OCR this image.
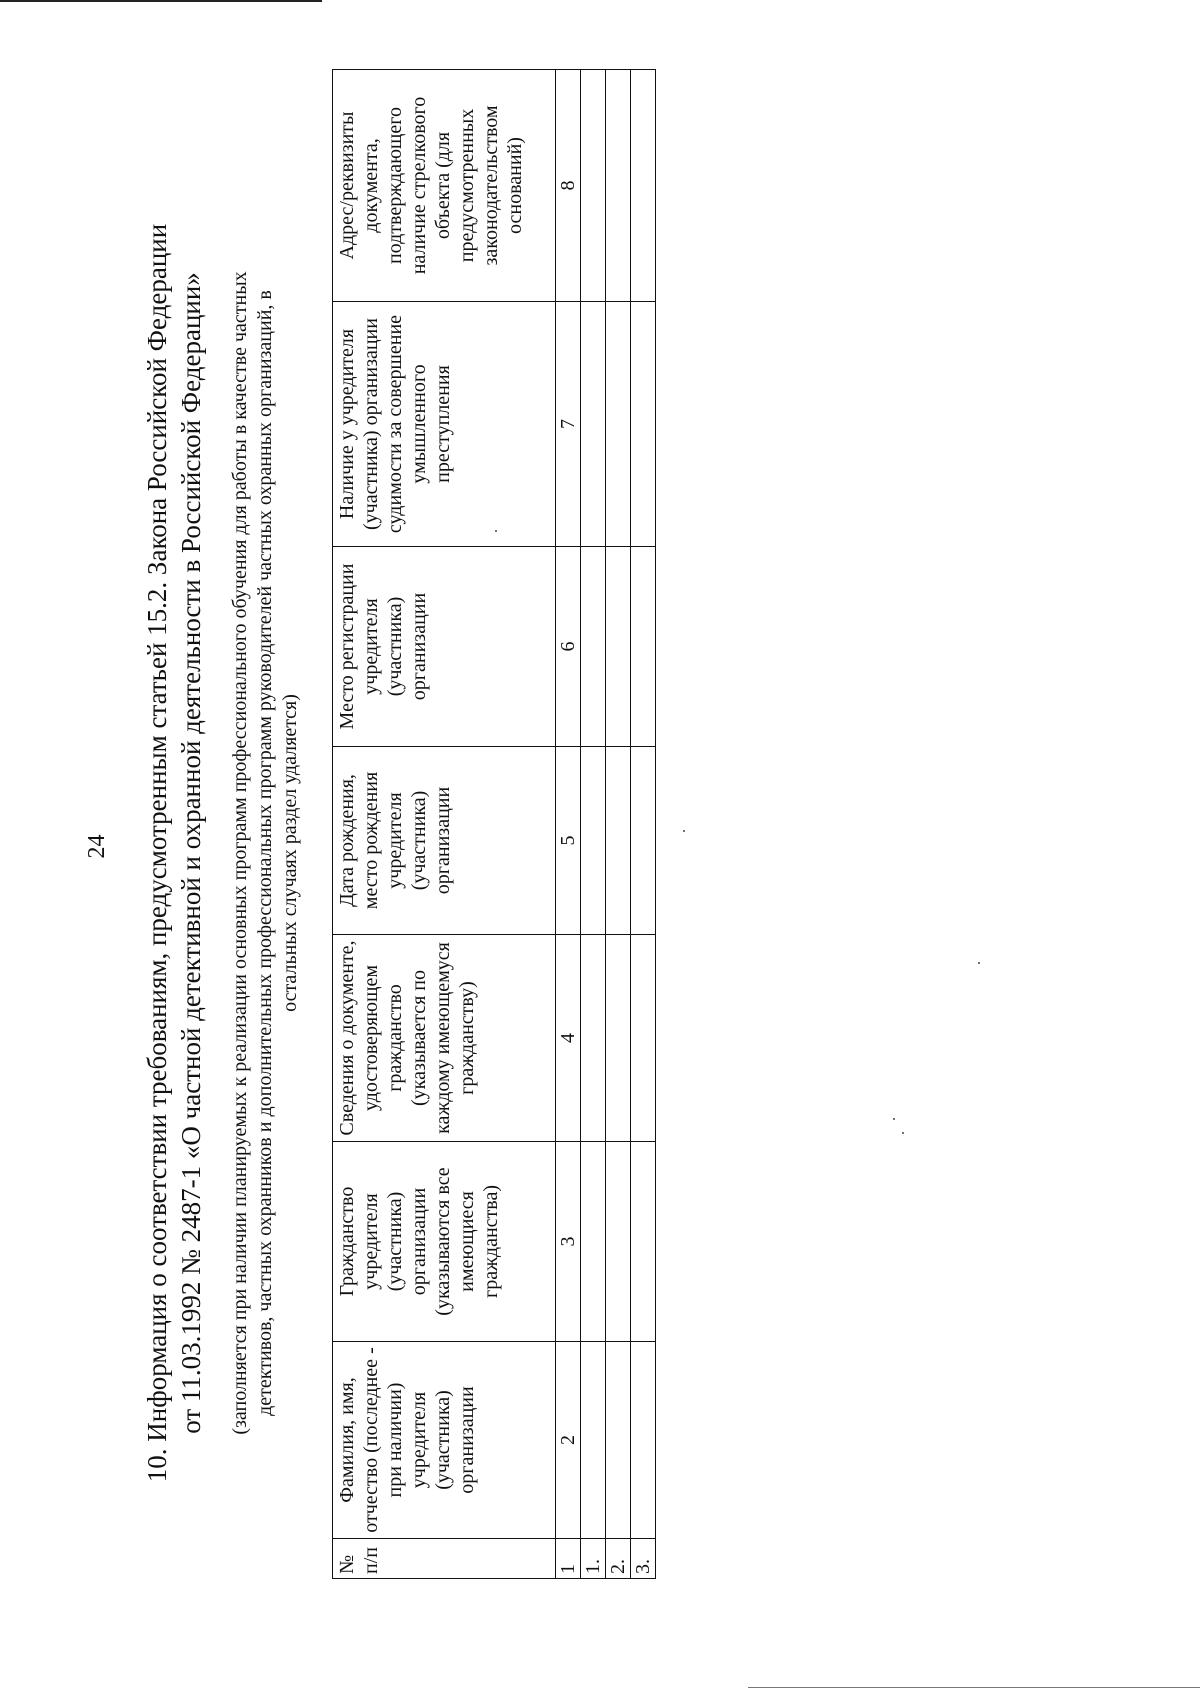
24 10. Информация о соответствии требованиям, предусмотренным статьей 15.2. Закона Российской Федерации от 11.03.1992 № 2487-1 «О частной детективной и охранной деятельности в Российской Федерации» (заполняется при наличии планируемых к реализации основных программ профессионального обучения для работы в качестве частных детективов, частных охранников и дополнительных профессиональных программ руководителей частных охранных организаций, в остальных случаях раздел удаляется)
№ п/п	Фамилия, имя, отчество (последнее - при наличии) учредителя (участника) организации	Гражданство учредителя (участника) организации (указываются все имеющиеся гражданства)	Сведения о документе, удостоверяющем гражданство (указывается по каждому имеющемуся гражданству)	Дата рождения, место рождения учредителя (участника) организации	Место регистрации учредителя (участника) организации	Наличие у учредителя (участника) организации судимости за совершение умышленного преступления	Адрес/реквизиты документа, подтверждающего наличие стрелкового объекта (для предусмотренных законодательством оснований)
1	2	3	4	5	6	7	8
1.							
2.							
3.							
